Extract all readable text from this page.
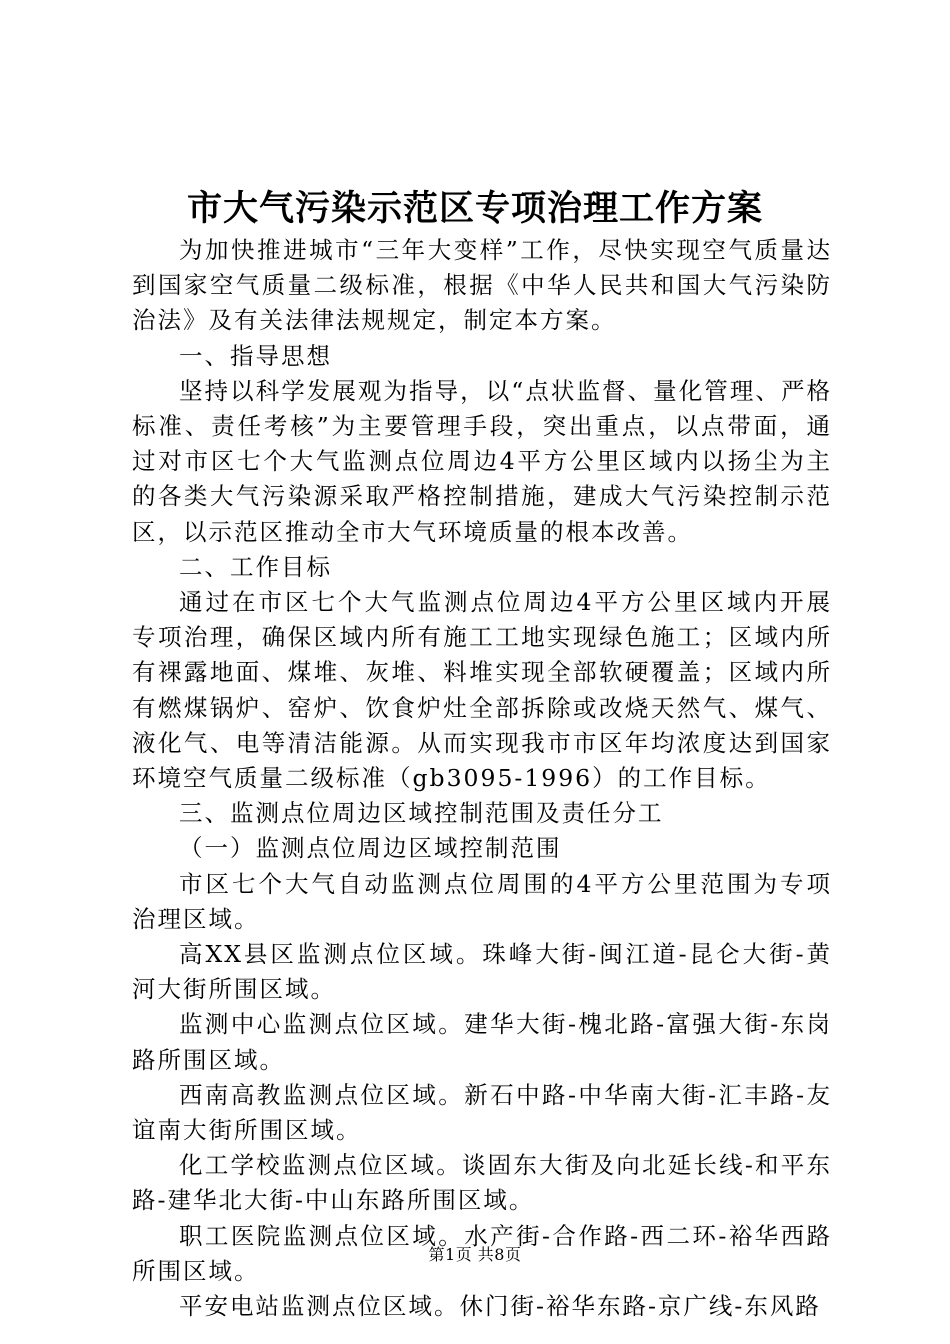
市大气污染示范区专项治理工作方案

为加快推进城市“三年大变样”工作，尽快实现空气质量达到国家空气质量二级标准，根据《中华人民共和国大气污染防治法》及有关法律法规规定，制定本方案。

一、指导思想

坚持以科学发展观为指导，以“点状监督、量化管理、严格标准、责任考核”为主要管理手段，突出重点，以点带面，通过对市区七个大气监测点位周边4平方公里区域内以扬尘为主的各类大气污染源采取严格控制措施，建成大气污染控制示范区，以示范区推动全市大气环境质量的根本改善。

二、工作目标

通过在市区七个大气监测点位周边4平方公里区域内开展专项治理，确保区域内所有施工工地实现绿色施工；区域内所有裸露地面、煤堆、灰堆、料堆实现全部软硬覆盖；区域内所有燃煤锅炉、窑炉、饮食炉灶全部拆除或改烧天然气、煤气、液化气、电等清洁能源。从而实现我市市区年均浓度达到国家环境空气质量二级标准（gb3095-1996）的工作目标。

三、监测点位周边区域控制范围及责任分工

（一）监测点位周边区域控制范围

市区七个大气自动监测点位周围的4平方公里范围为专项治理区域。

高XX县区监测点位区域。珠峰大街-闽江道-昆仑大街-黄河大街所围区域。

监测中心监测点位区域。建华大街-槐北路-富强大街-东岗路所围区域。

西南高教监测点位区域。新石中路-中华南大街-汇丰路-友谊南大街所围区域。

化工学校监测点位区域。谈固东大街及向北延长线-和平东路-建华北大街-中山东路所围区域。

职工医院监测点位区域。水产街-合作路-西二环-裕华西路所围区域。

平安电站监测点位区域。休门街-裕华东路-京广线-东风路

第1页 共8页
